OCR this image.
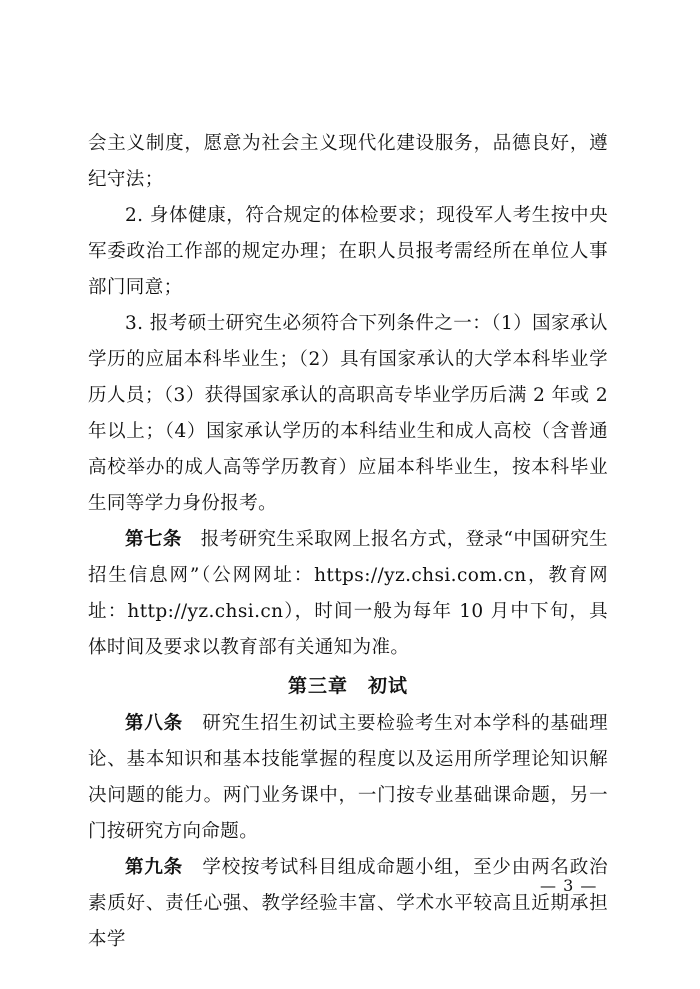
会主义制度，愿意为社会主义现代化建设服务，品德良好，遵纪守法；

2. 身体健康，符合规定的体检要求；现役军人考生按中央军委政治工作部的规定办理；在职人员报考需经所在单位人事部门同意；

3. 报考硕士研究生必须符合下列条件之一：（1）国家承认学历的应届本科毕业生；（2）具有国家承认的大学本科毕业学历人员；（3）获得国家承认的高职高专毕业学历后满 2 年或 2 年以上；（4）国家承认学历的本科结业生和成人高校（含普通高校举办的成人高等学历教育）应届本科毕业生，按本科毕业生同等学力身份报考。

第七条　报考研究生采取网上报名方式，登录“中国研究生招生信息网”（公网网址：https://yz.chsi.com.cn，教育网址：http://yz.chsi.cn），时间一般为每年 10 月中下旬，具体时间及要求以教育部有关通知为准。

第三章　初试

第八条　研究生招生初试主要检验考生对本学科的基础理论、基本知识和基本技能掌握的程度以及运用所学理论知识解决问题的能力。两门业务课中，一门按专业基础课命题，另一门按研究方向命题。

第九条　学校按考试科目组成命题小组，至少由两名政治素质好、责任心强、教学经验丰富、学术水平较高且近期承担本学

— 3 —
